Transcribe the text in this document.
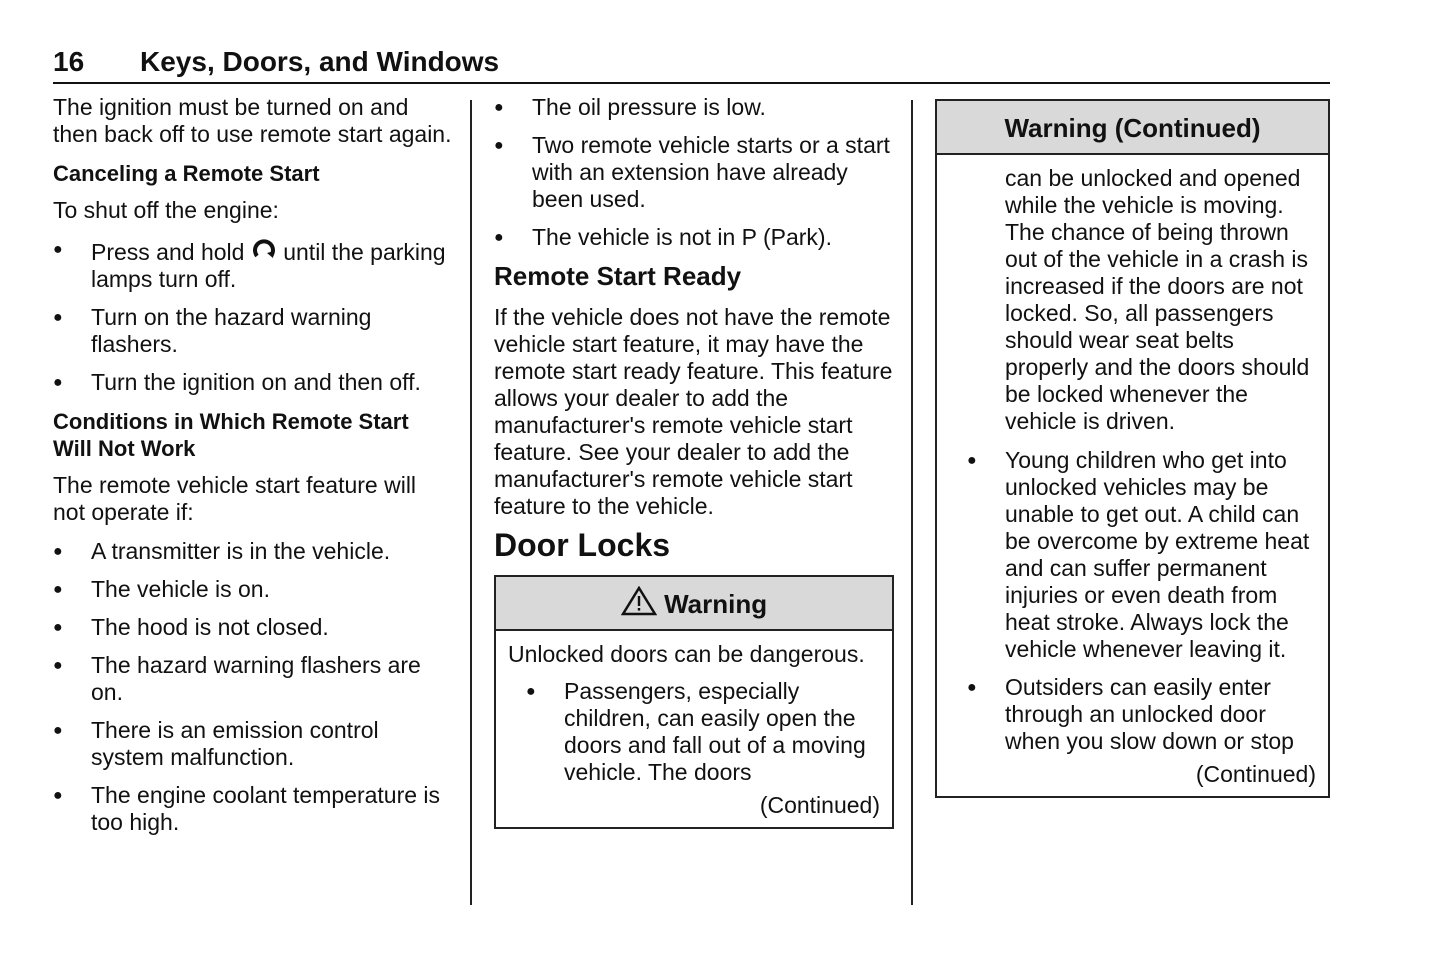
16 Keys, Doors, and Windows

The ignition must be turned on and then back off to use remote start again.

Canceling a Remote Start

To shut off the engine:

● Press and hold until the parking lamps turn off.
● Turn on the hazard warning flashers.
● Turn the ignition on and then off.
Conditions in Which Remote Start Will Not Work

The remote vehicle start feature will not operate if:

● A transmitter is in the vehicle.
● The vehicle is on.
● The hood is not closed.
● The hazard warning flashers are on.
● There is an emission control system malfunction.
● The engine coolant temperature is too high.
● The oil pressure is low.
● Two remote vehicle starts or a start with an extension have already been used.
● The vehicle is not in P (Park).
Remote Start Ready

If the vehicle does not have the remote vehicle start feature, it may have the remote start ready feature. This feature allows your dealer to add the manufacturer's remote vehicle start feature. See your dealer to add the manufacturer's remote vehicle start feature to the vehicle.

Door Locks
Warning

Unlocked doors can be dangerous.

● Passengers, especially children, can easily open the doors and fall out of a moving vehicle. The doors
(Continued)
Warning (Continued)

can be unlocked and opened while the vehicle is moving. The chance of being thrown out of the vehicle in a crash is increased if the doors are not locked. So, all passengers should wear seat belts properly and the doors should be locked whenever the vehicle is driven.

● Young children who get into unlocked vehicles may be unable to get out. A child can be overcome by extreme heat and can suffer permanent injuries or even death from heat stroke. Always lock the vehicle whenever leaving it.
● Outsiders can easily enter through an unlocked door when you slow down or stop
(Continued)
